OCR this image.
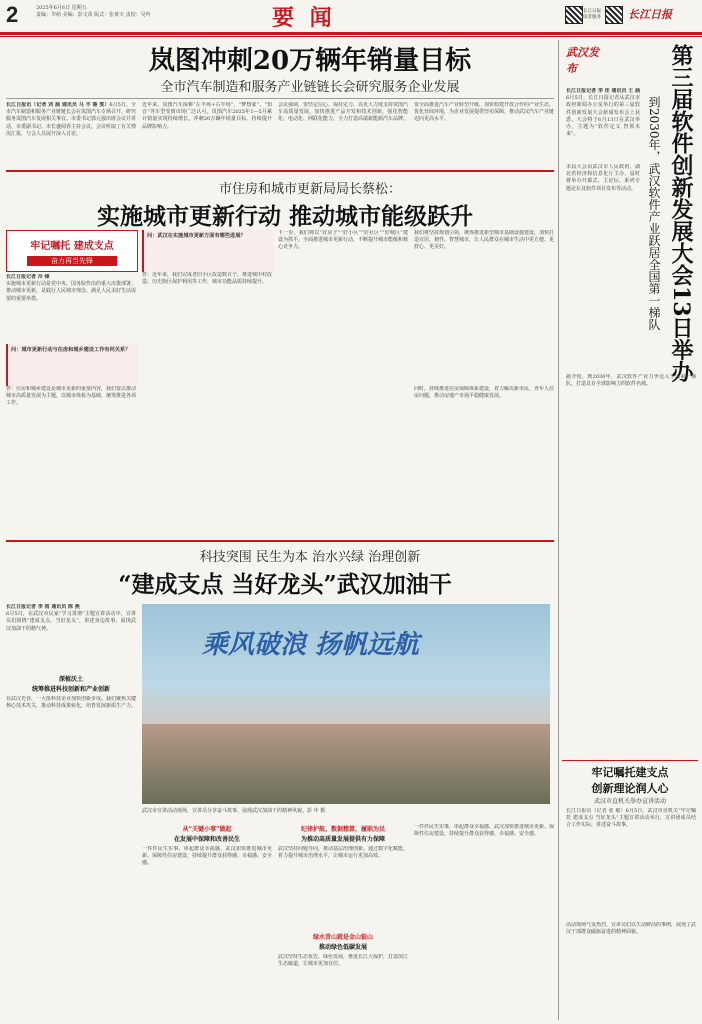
2	2025年6月6日 星期五
责编：李萌 美编：彭文苗 版式：张黄天 责校：吴吟	要 闻	长江日报读者服务	长江日报
岚图冲刺20万辆年销量目标
全市汽车制造和服务产业链链长会研究服务企业发展
长江日报讯（记者 刘 涵 通讯员 马 丰 鲁 雯）6月5日，全市汽车制造和服务产业链链长会在岚图汽车专场召开，研究服务岚图汽车发展相关事宜。市委书记郭元强出席会议并讲话，市委副书记、市长盛阅春主持会议。会议听取了有关情况汇报，与会人员展开深入讨论。
近年来，岚图汽车深耕“左半场+右半场”，“梦想家”、“知音”等车型受到市场广泛认可。岚图汽车2025年1—5月累计销量实现持续增长，冲刺20万辆年销量目标，持续提升品牌影响力。
会议强调，要坚定信心、保持定力，以更大力度支持岚图汽车高质量发展，加快推进产品开发和技术创新，强化智能化、电动化、网联化能力，全力打造高端新能源汽车品牌。
要全面推进汽车产业转型升级，加快构建开放合作的产业生态，优化营商环境，为企业发展提供坚实保障，推动武汉汽车产业链迈向更高水平。
市住房和城市更新局局长蔡松：
实施城市更新行动 推动城市能级跃升
牢记嘱托 建成支点
奋力再当先锋
长江日报记者 冷 锋
实施城市更新行动是党中央、国务院作出的重大决策部署。推动城市更新，是践行人民城市理念、满足人民美好生活需要的重要举措。
问：城市更新行动与住房和城乡建设工作有何关系？
答：住房和城乡建设是城市更新的重要内容，我们要以推动城市高质量发展为主题，以城市体检为基础，统筹推进各项工作。
问：武汉在实施城市更新方面有哪些进展？
答：近年来，我们完成老旧小区改造数百个，推进城中村改造、历史街区保护利用等工作，城市功能品质持续提升。
下一步，我们将以“好房子”“好小区”“好社区”“好城区”建设为抓手，全面推进城市更新行动，不断提升城市能级和核心竞争力。
我们将坚持规划引领，统筹推进新型城市基础设施建设，加快打造宜居、韧性、智慧城市，让人民群众在城市生活中更方便、更舒心、更美好。
同时，持续推进住房保障体系建设，着力解决新市民、青年人住房问题，推动房地产市场平稳健康发展。
科技突围 民生为本 治水兴绿 治理创新
“建成支点 当好龙头”武汉加油干
长江日报记者 李 雨 通讯员 陈 燕
6月5日，在武汉市民家“学习贯彻”主题宣讲活动中，宣讲员们围绕“建成支点、当好龙头”，讲述身边故事，展现武汉加油干的精气神。
深植沃土
统筹推进科技创新和产业创新
在武汉光谷，一大批科技企业加快创新步伐。我们聚焦关键核心技术攻关，推动科技成果转化，培育发展新质生产力。
乘风破浪 扬帆远航
武汉市宣讲活动现场，宣讲员分享奋斗故事，展现武汉加油干的精神风貌。彭 年 摄
从“关键小事”做起
在发展中保障和改善民生
一件件民生实事，串起群众幸福感。武汉加快推进城市更新、保障性住房建设，持续提升群众获得感、幸福感、安全感。
纪律护航、数据精算，履职为民
为推动高质量发展提供有力保障
武汉坚持问题导向，推动基层治理创新。通过数字化赋能，着力提升城市治理水平，让城市运行更加高效。
绿水青山就是金山银山
推动绿色低碳发展
武汉坚持生态优先、绿色发展，推进长江大保护，打造滨江生态廊道，让城市更加宜居。
一件件民生实事，串起群众幸福感。武汉加快推进城市更新、保障性住房建设，持续提升群众获得感、幸福感、安全感。
武汉发布	第三届软件创新发展大会13日举办
到2030年，武汉软件产业跃居全国第一梯队
长江日报记者 李 佳 通讯员 王 涵6月5日，长江日报记者从武汉市政府新闻办公室举行的第三届软件创新发展大会新闻发布会上获悉，大会将于6月13日在武汉举办，主题为“软件定义 智领未来”。
本届大会由武汉市人民政府、湖北省经济和信息化厅主办，届时将举办开幕式、主论坛、系列专题论坛及软件项目发布等活动。
据介绍，到2030年，武汉软件产业力争迈入全国第一梯队，打造具有全球影响力的软件名城。
牢记嘱托建支点
创新理论润人心
武汉市直机关举办宣讲活动
长江日报讯（记者 张 敏）6月5日，武汉市直机关“牢记嘱托 建成支点 当好龙头”主题宣讲活动举行，宣讲团成员结合工作实际，讲述奋斗故事。
活动现场气氛热烈，宣讲员们以生动鲜活的事例，展现了武汉干部群众砥砺奋进的精神面貌。
